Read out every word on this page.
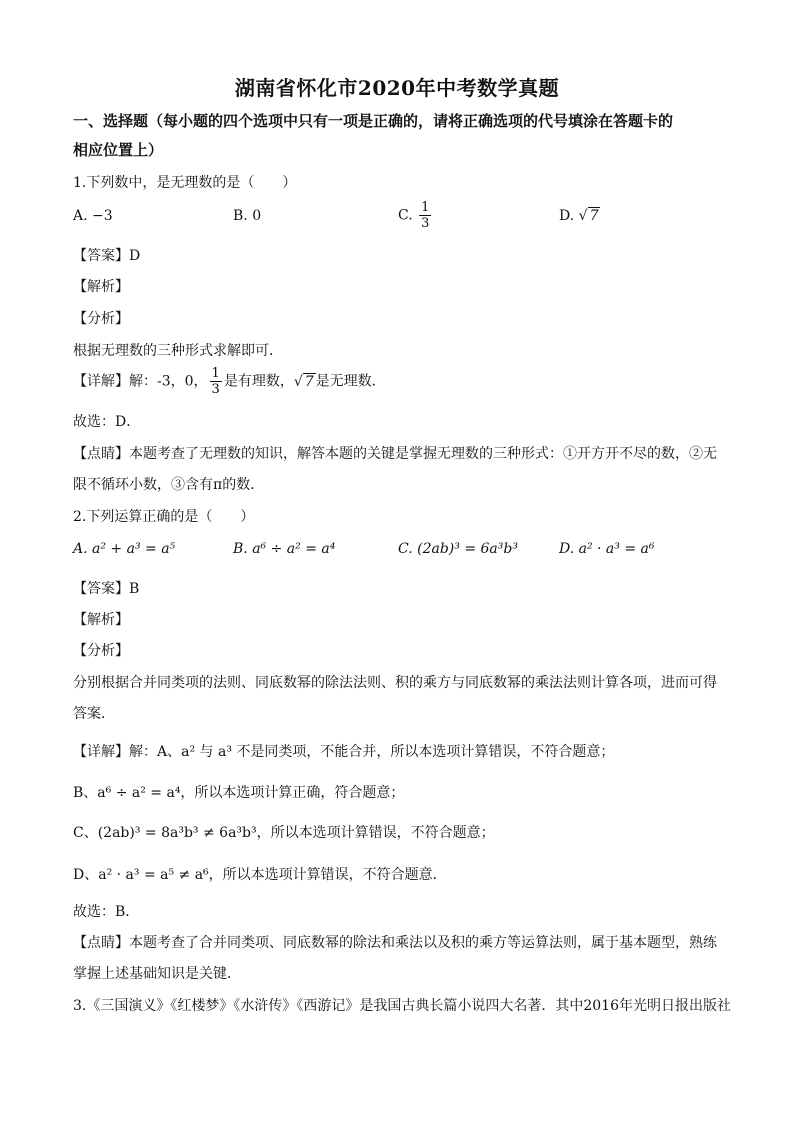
湖南省怀化市2020年中考数学真题
一、选择题（每小题的四个选项中只有一项是正确的，请将正确选项的代号填涂在答题卡的
相应位置上）
1.下列数中，是无理数的是（　　）
A. −3	B. 0	C. $\frac{1}{3}$	D. √ 7
【答案】D
【解析】
【分析】
根据无理数的三种形式求解即可．
【详解】解：-3，0， $\frac{1}{3}$ 是有理数，√ 7 是无理数．
故选：D．
【点睛】本题考查了无理数的知识，解答本题的关键是掌握无理数的三种形式：①开方开不尽的数，②无
限不循环小数，③含有π的数．
2.下列运算正确的是（　　）
A. a² + a³ = a⁵	B. a⁶ ÷ a² = a⁴	C. (2ab)³ = 6a³b³	D. a² · a³ = a⁶
【答案】B
【解析】
【分析】
分别根据合并同类项的法则、同底数幂的除法法则、积的乘方与同底数幂的乘法法则计算各项，进而可得
答案．
【详解】解：A、a² 与 a³ 不是同类项，不能合并，所以本选项计算错误，不符合题意；
B、a⁶ ÷ a² = a⁴，所以本选项计算正确，符合题意；
C、(2ab)³ = 8a³b³ ≠ 6a³b³，所以本选项计算错误，不符合题意；
D、a² · a³ = a⁵ ≠ a⁶，所以本选项计算错误，不符合题意．
故选：B．
【点睛】本题考查了合并同类项、同底数幂的除法和乘法以及积的乘方等运算法则，属于基本题型，熟练
掌握上述基础知识是关键．
3.《三国演义》《红楼梦》《水浒传》《西游记》是我国古典长篇小说四大名著．其中2016年光明日报出版社
